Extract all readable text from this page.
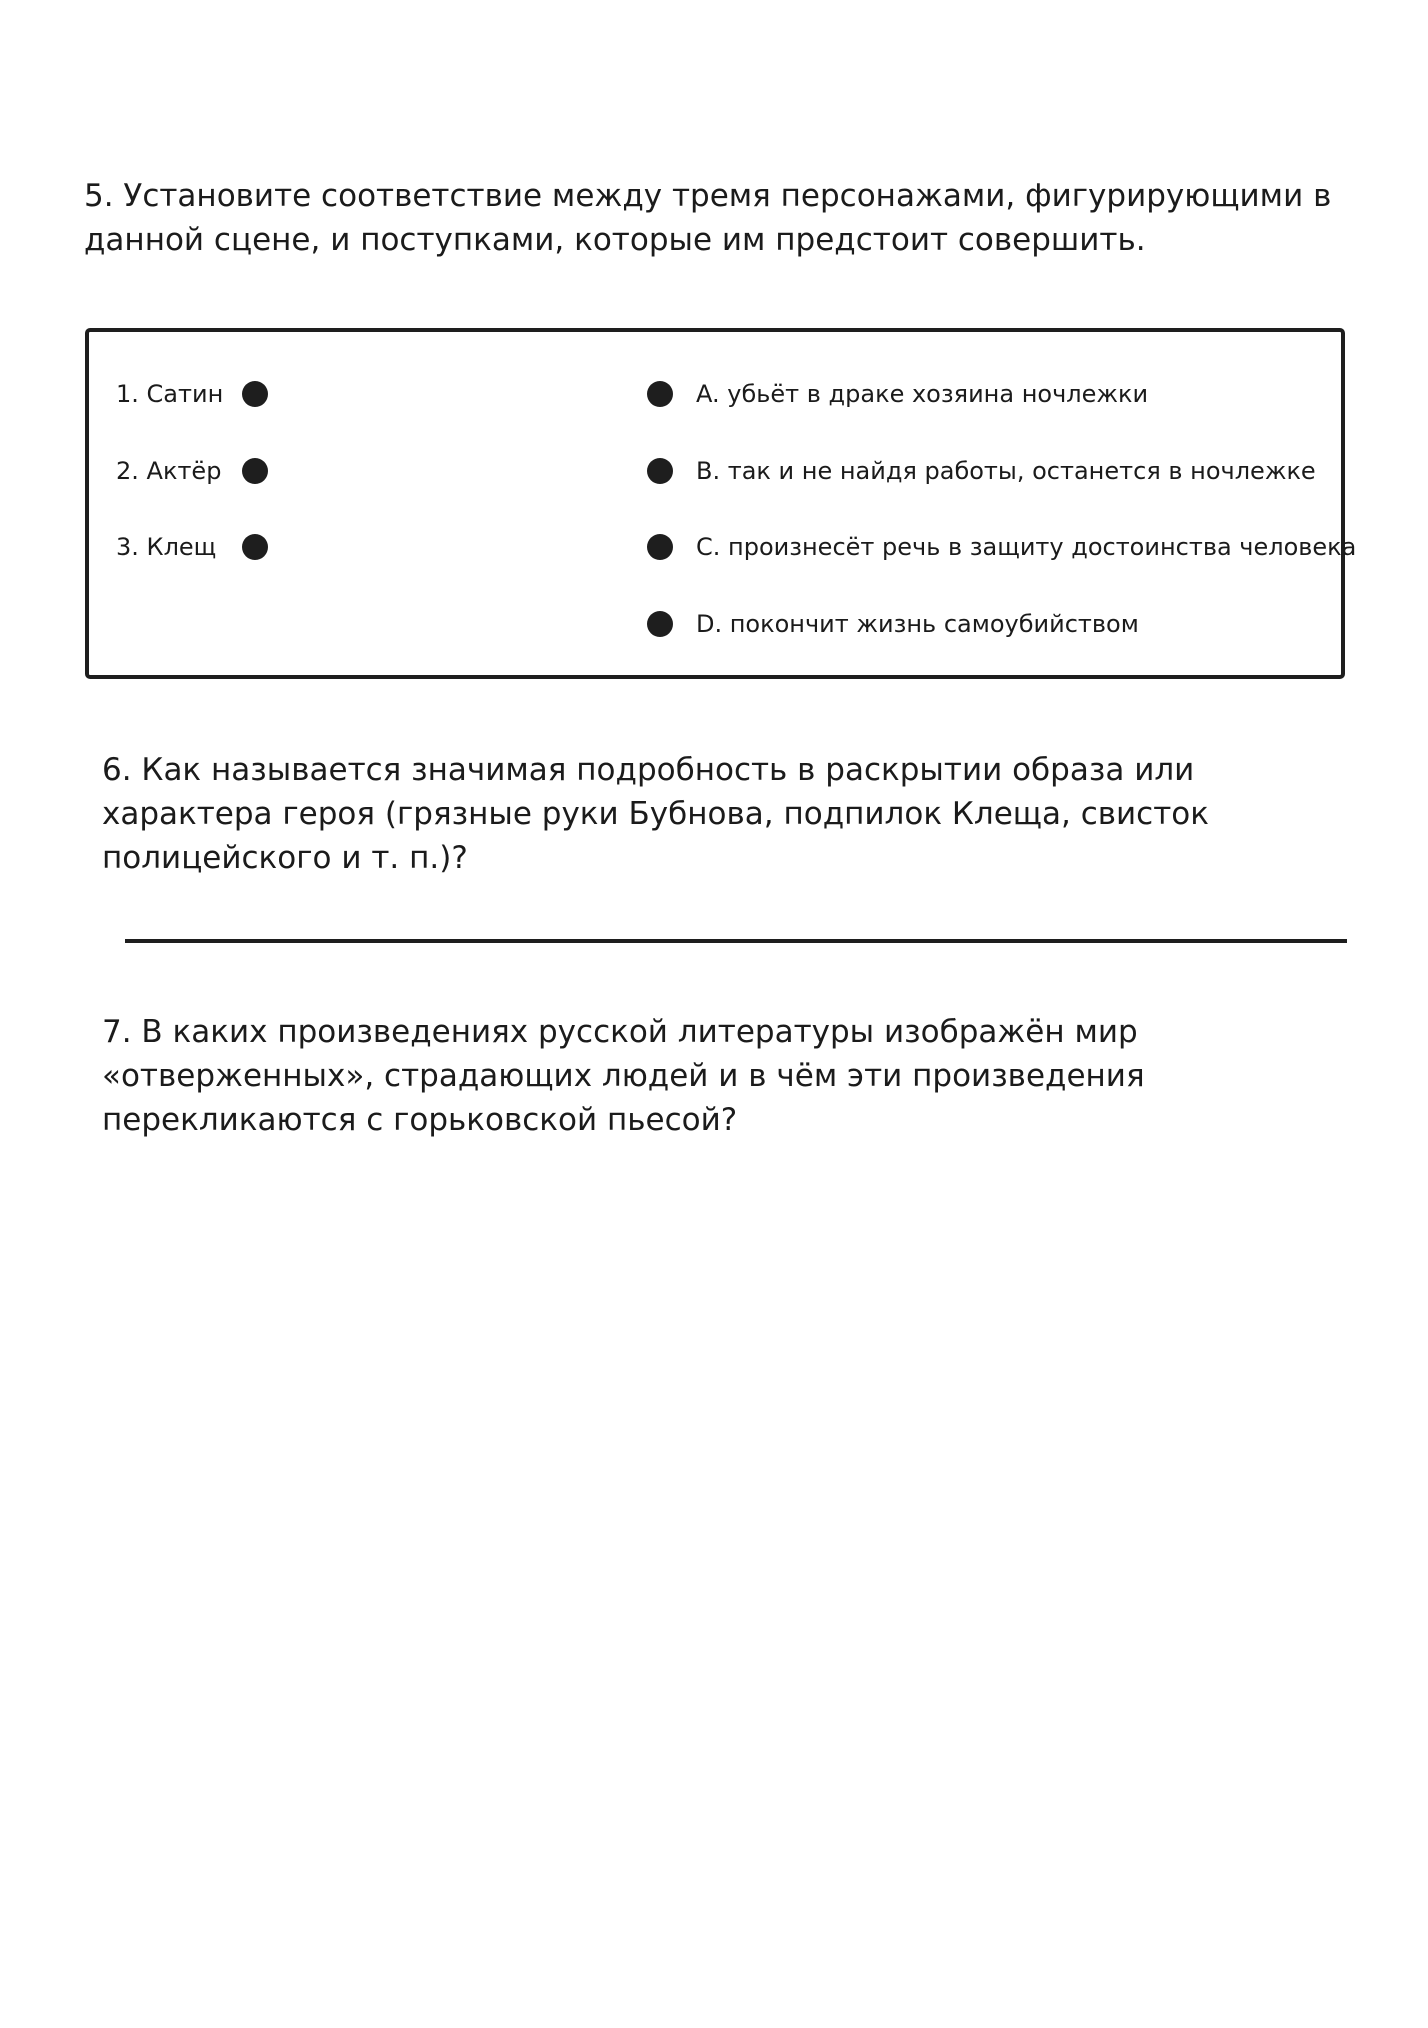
5. Установите соответствие между тремя персонажами, фигурирующими в
данной сцене, и поступками, которые им предстоит совершить.

1. Сатин
2. Актёр
3. Клещ
A. убьёт в драке хозяина ночлежки
B. так и не найдя работы, останется в ночлежке
C. произнесёт речь в защиту достоинства человека
D. покончит жизнь самоубийством

6. Как называется значимая подробность в раскрытии образа или
характера героя (грязные руки Бубнова, подпилок Клеща, свисток
полицейского и т. п.)?

7. В каких произведениях русской литературы изображён мир
«отверженных», страдающих людей и в чём эти произведения
перекликаются с горьковской пьесой?
